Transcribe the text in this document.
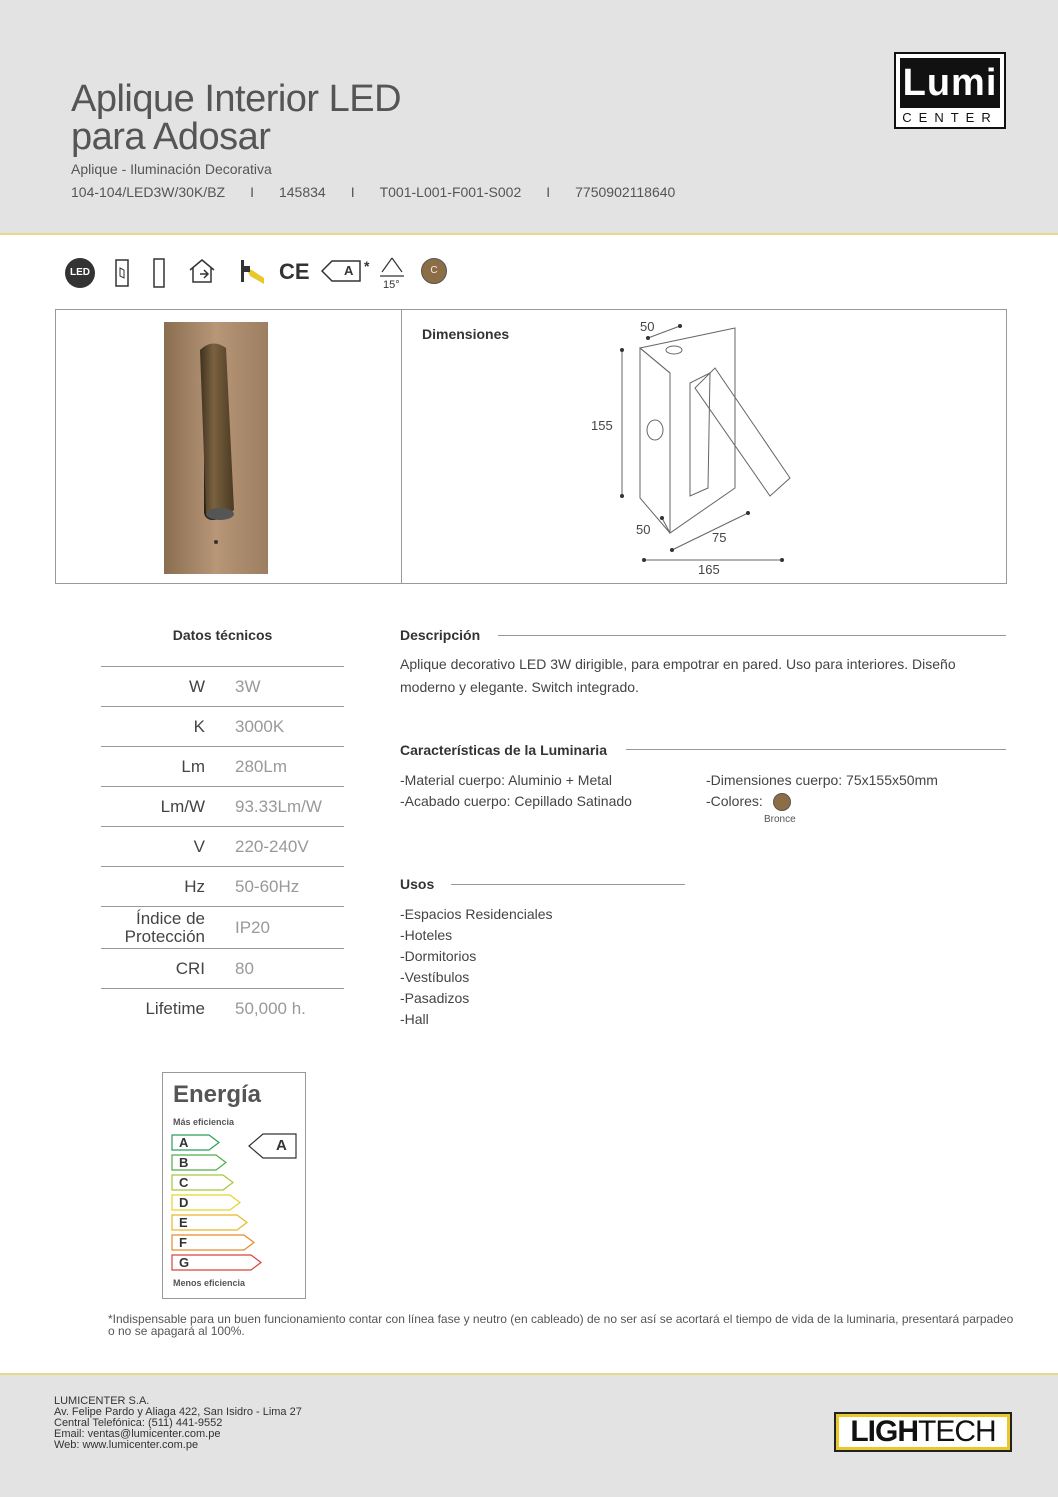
Aplique Interior LED
para Adosar
Aplique - Iluminación Decorativa
104-104/LED3W/30K/BZ I 145834 I T001-L001-F001-S002 I 7750902118640
Lumi
CENTER
LED	CE	A *
15°
C
Dimensiones	50
155
50
75
165
Datos técnicos
W	3W
K	3000K
Lm	280Lm
Lm/W	93.33Lm/W
V	220-240V
Hz	50-60Hz
Índice de Protección	IP20
CRI	80
Lifetime	50,000 h.
Descripción
Aplique decorativo LED 3W dirigible, para empotrar en pared. Uso para interiores. Diseño moderno y elegante. Switch integrado.
Características de la Luminaria
-Material cuerpo: Aluminio + Metal
-Acabado cuerpo: Cepillado Satinado
-Dimensiones cuerpo: 75x155x50mm
-Colores:
Bronce
Usos
-Espacios Residenciales
-Hoteles
-Dormitorios
-Vestíbulos
-Pasadizos
-Hall
Energía
Más eficiencia
A
B
C
D
E
F
G
A
Menos eficiencia
*Indispensable para un buen funcionamiento contar con línea fase y neutro (en cableado) de no ser así se acortará el tiempo de vida de la luminaria, presentará parpadeo o no se apagará al 100%.
LUMICENTER S.A.
Av. Felipe Pardo y Aliaga 422, San Isidro - Lima 27
Central Telefónica: (511) 441-9552
Email: ventas@lumicenter.com.pe
Web: www.lumicenter.com.pe	LIGHTECH
